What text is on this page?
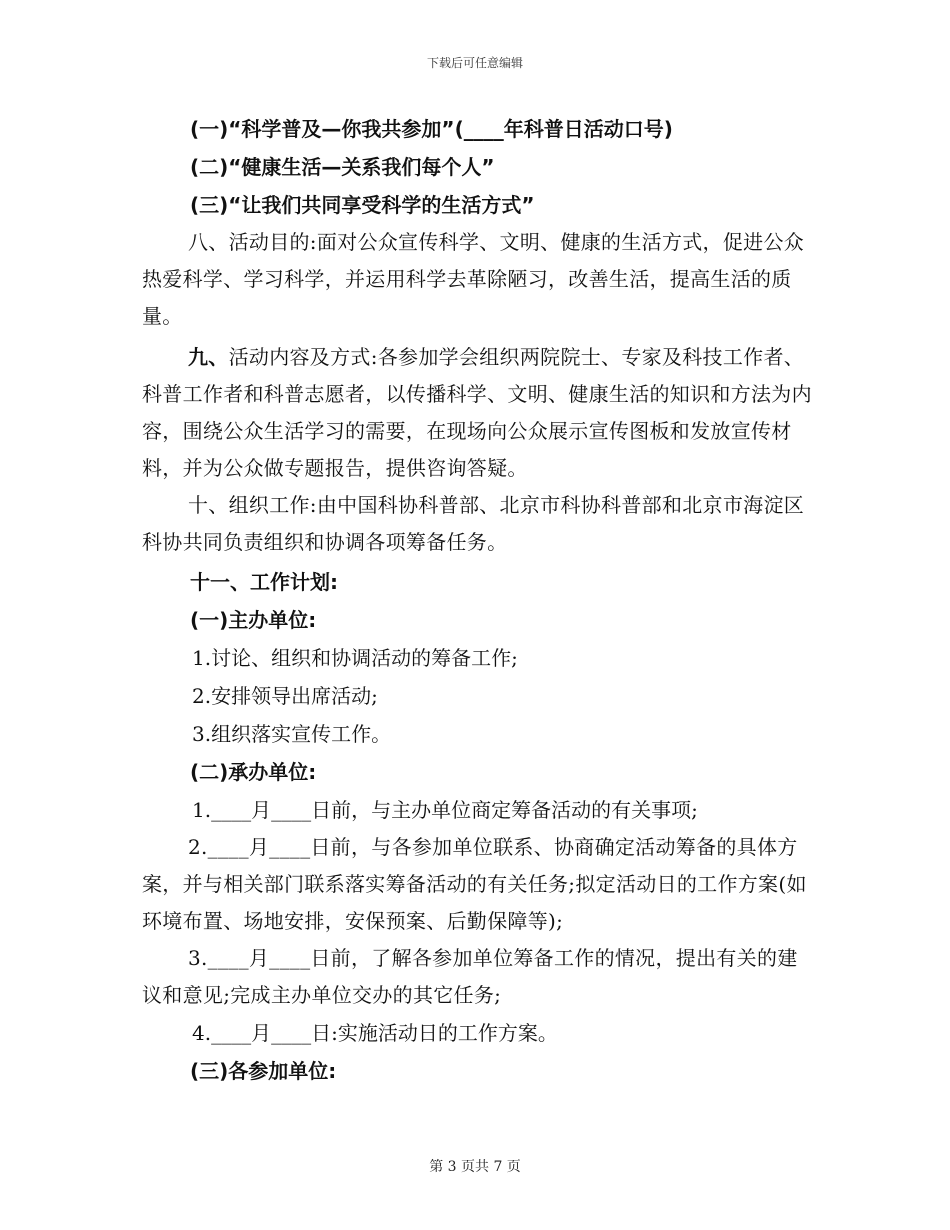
下载后可任意编辑
(一)“科学普及—你我共参加”(____年科普日活动口号)
(二)“健康生活—关系我们每个人”
(三)“让我们共同享受科学的生活方式”
八、活动目的:面对公众宣传科学、文明、健康的生活方式，促进公众热爱科学、学习科学，并运用科学去革除陋习，改善生活，提高生活的质量。
九、活动内容及方式:各参加学会组织两院院士、专家及科技工作者、科普工作者和科普志愿者，以传播科学、文明、健康生活的知识和方法为内容，围绕公众生活学习的需要，在现场向公众展示宣传图板和发放宣传材料，并为公众做专题报告，提供咨询答疑。
十、组织工作:由中国科协科普部、北京市科协科普部和北京市海淀区科协共同负责组织和协调各项筹备任务。
十一、工作计划:
(一)主办单位:
1.讨论、组织和协调活动的筹备工作;
2.安排领导出席活动;
3.组织落实宣传工作。
(二)承办单位:
1.____月____日前，与主办单位商定筹备活动的有关事项;
2.____月____日前，与各参加单位联系、协商确定活动筹备的具体方案，并与相关部门联系落实筹备活动的有关任务;拟定活动日的工作方案(如环境布置、场地安排，安保预案、后勤保障等);
3.____月____日前，了解各参加单位筹备工作的情况，提出有关的建议和意见;完成主办单位交办的其它任务;
4.____月____日:实施活动日的工作方案。
(三)各参加单位:
第 3 页共 7 页
